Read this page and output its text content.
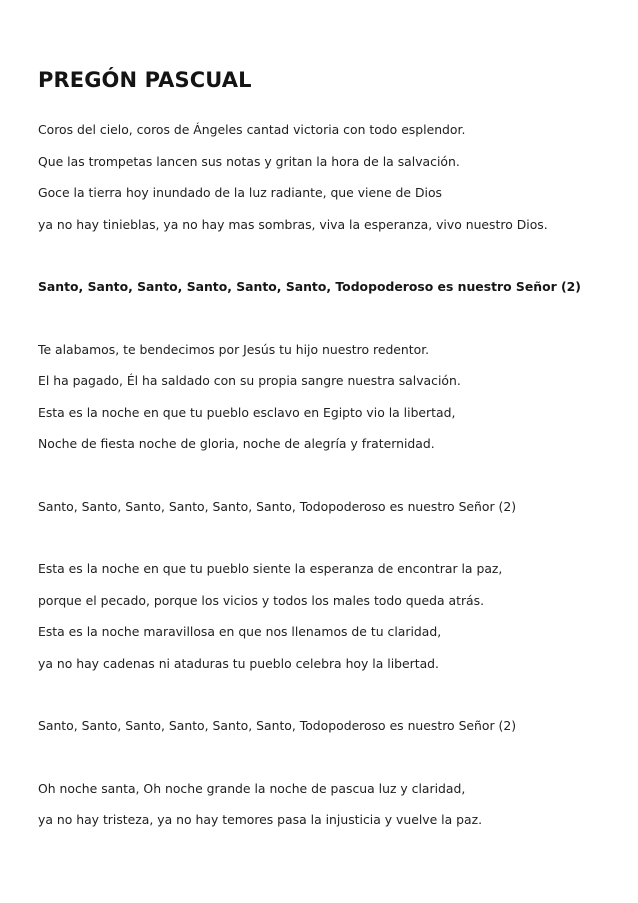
PREGÓN PASCUAL

Coros del cielo, coros de Ángeles cantad victoria con todo esplendor.

Que las trompetas lancen sus notas y gritan la hora de la salvación.

Goce la tierra hoy inundado de la luz radiante, que viene de Dios

ya no hay tinieblas, ya no hay mas sombras, viva la esperanza, vivo nuestro Dios.

Santo, Santo, Santo, Santo, Santo, Santo, Todopoderoso es nuestro Señor (2)

Te alabamos, te bendecimos por Jesús tu hijo nuestro redentor.

El ha pagado, Él ha saldado con su propia sangre nuestra salvación.

Esta es la noche en que tu pueblo esclavo en Egipto vio la libertad,

Noche de fiesta noche de gloria, noche de alegría y fraternidad.

Santo, Santo, Santo, Santo, Santo, Santo, Todopoderoso es nuestro Señor (2)

Esta es la noche en que tu pueblo siente la esperanza de encontrar la paz,

porque el pecado, porque los vicios y todos los males todo queda atrás.

Esta es la noche maravillosa en que nos llenamos de tu claridad,

ya no hay cadenas ni ataduras tu pueblo celebra hoy la libertad.

Santo, Santo, Santo, Santo, Santo, Santo, Todopoderoso es nuestro Señor (2)

Oh noche santa, Oh noche grande la noche de pascua luz y claridad,

ya no hay tristeza, ya no hay temores pasa la injusticia y vuelve la paz.
